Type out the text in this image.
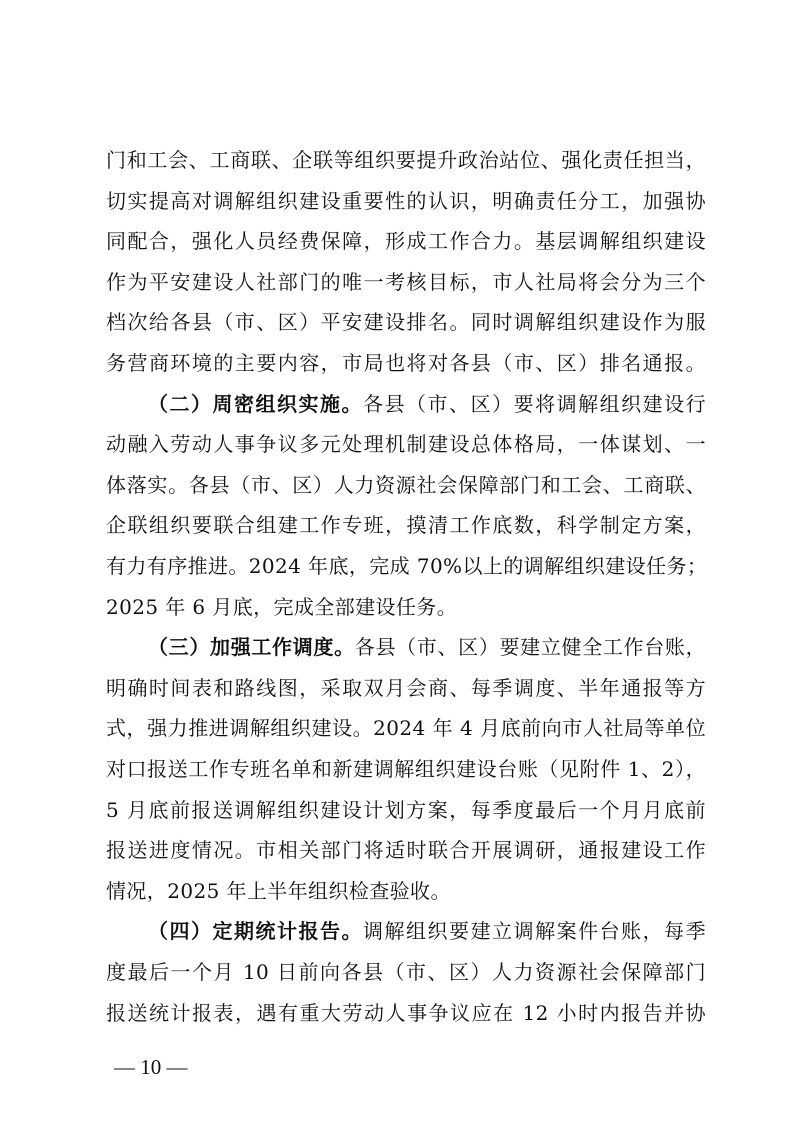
门和工会、工商联、企联等组织要提升政治站位、强化责任担当，
切实提高对调解组织建设重要性的认识，明确责任分工，加强协
同配合，强化人员经费保障，形成工作合力。基层调解组织建设
作为平安建设人社部门的唯一考核目标，市人社局将会分为三个
档次给各县（市、区）平安建设排名。同时调解组织建设作为服
务营商环境的主要内容，市局也将对各县（市、区）排名通报。
（二）周密组织实施。各县（市、区）要将调解组织建设行
动融入劳动人事争议多元处理机制建设总体格局，一体谋划、一
体落实。各县（市、区）人力资源社会保障部门和工会、工商联、
企联组织要联合组建工作专班，摸清工作底数，科学制定方案，
有力有序推进。2024 年底，完成 70%以上的调解组织建设任务；
2025 年 6 月底，完成全部建设任务。
（三）加强工作调度。各县（市、区）要建立健全工作台账，
明确时间表和路线图，采取双月会商、每季调度、半年通报等方
式，强力推进调解组织建设。2024 年 4 月底前向市人社局等单位
对口报送工作专班名单和新建调解组织建设台账（见附件 1、2），
5 月底前报送调解组织建设计划方案，每季度最后一个月月底前
报送进度情况。市相关部门将适时联合开展调研，通报建设工作
情况，2025 年上半年组织检查验收。
（四）定期统计报告。调解组织要建立调解案件台账，每季
度最后一个月 10 日前向各县（市、区）人力资源社会保障部门
报送统计报表，遇有重大劳动人事争议应在 12 小时内报告并协
— 10 —
